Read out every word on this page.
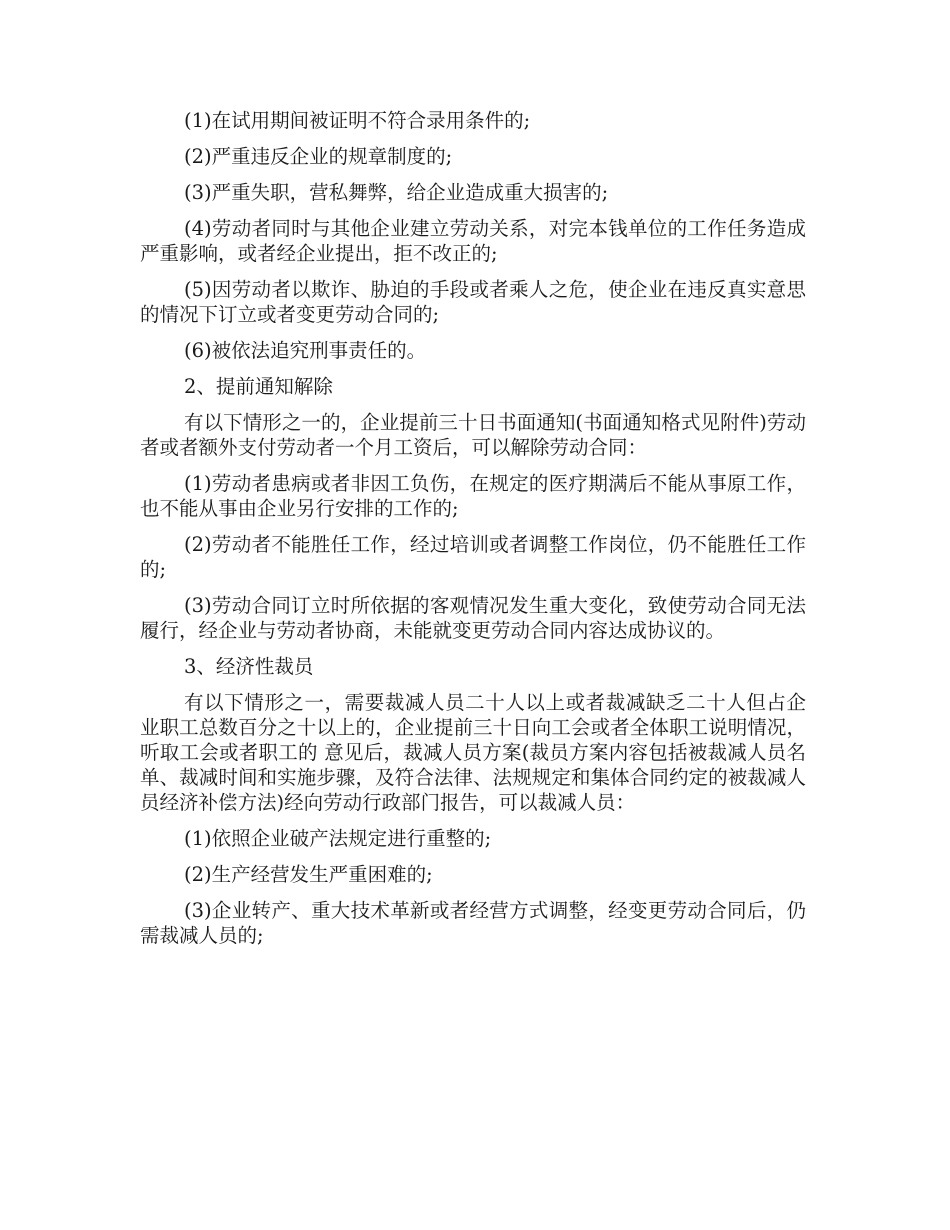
(1)在试用期间被证明不符合录用条件的;

(2)严重违反企业的规章制度的;

(3)严重失职，营私舞弊，给企业造成重大损害的;

(4)劳动者同时与其他企业建立劳动关系，对完本钱单位的工作任务造成严重影响，或者经企业提出，拒不改正的;

(5)因劳动者以欺诈、胁迫的手段或者乘人之危，使企业在违反真实意思的情况下订立或者变更劳动合同的;

(6)被依法追究刑事责任的。

2、提前通知解除

有以下情形之一的，企业提前三十日书面通知(书面通知格式见附件)劳动者或者额外支付劳动者一个月工资后，可以解除劳动合同：

(1)劳动者患病或者非因工负伤，在规定的医疗期满后不能从事原工作，也不能从事由企业另行安排的工作的;

(2)劳动者不能胜任工作，经过培训或者调整工作岗位，仍不能胜任工作的;

(3)劳动合同订立时所依据的客观情况发生重大变化，致使劳动合同无法履行，经企业与劳动者协商，未能就变更劳动合同内容达成协议的。

3、经济性裁员

有以下情形之一，需要裁减人员二十人以上或者裁减缺乏二十人但占企业职工总数百分之十以上的，企业提前三十日向工会或者全体职工说明情况，听取工会或者职工的 意见后，裁减人员方案(裁员方案内容包括被裁减人员名单、裁减时间和实施步骤，及符合法律、法规规定和集体合同约定的被裁减人员经济补偿方法)经向劳动行政部门报告，可以裁减人员：

(1)依照企业破产法规定进行重整的;

(2)生产经营发生严重困难的;

(3)企业转产、重大技术革新或者经营方式调整，经变更劳动合同后，仍需裁减人员的;
